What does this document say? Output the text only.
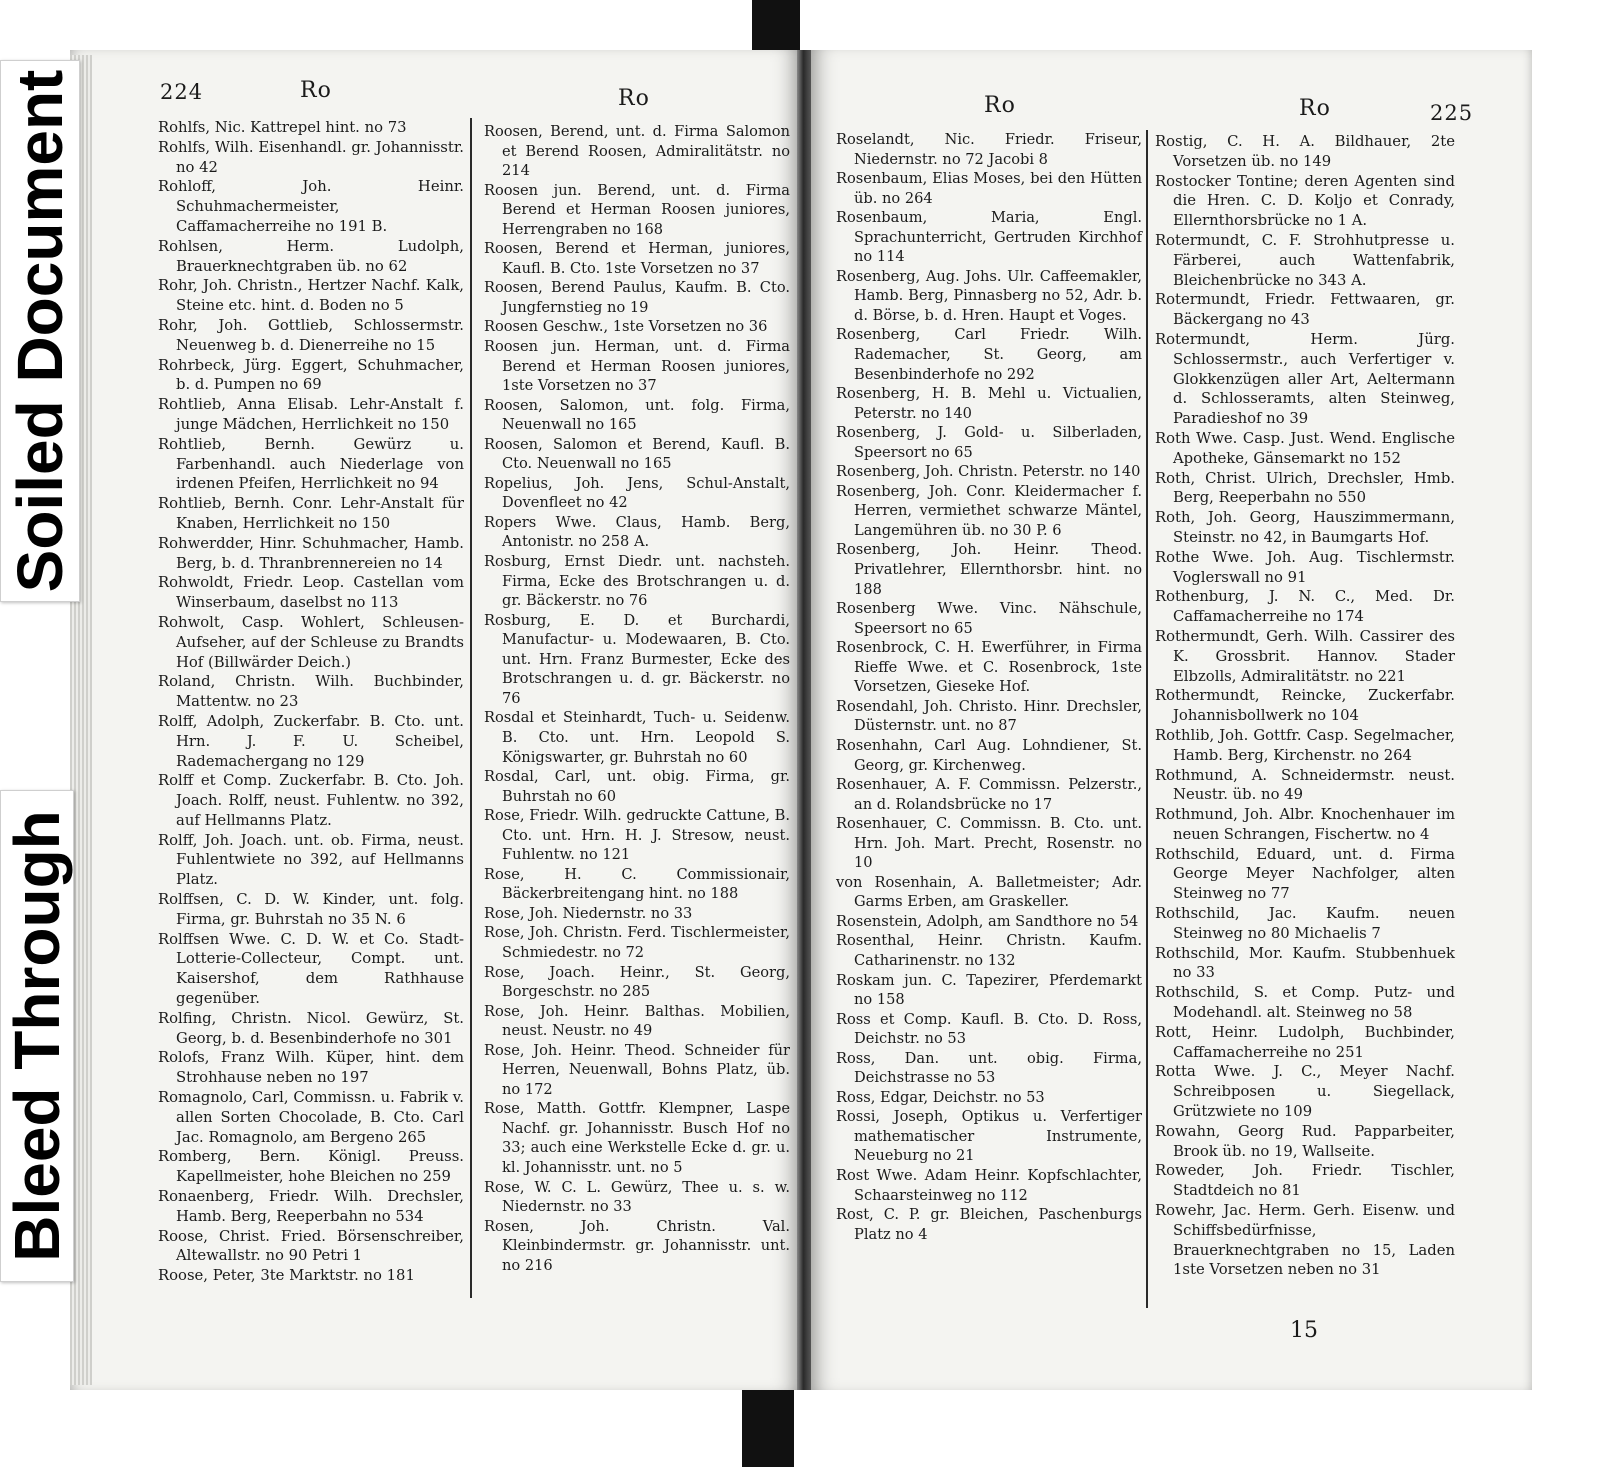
224	Ro	Ro	Ro	Ro	225

Rohlfs, Nic. Kattrepel hint. no 73

Rohlfs, Wilh. Eisenhandl. gr. Johannisstr. no 42

Rohloff, Joh. Heinr. Schuhmachermeister, Caffamacherreihe no 191 B.

Rohlsen, Herm. Ludolph, Brauerknechtgraben üb. no 62

Rohr, Joh. Christn., Hertzer Nachf. Kalk, Steine etc. hint. d. Boden no 5

Rohr, Joh. Gottlieb, Schlossermstr. Neuenweg b. d. Dienerreihe no 15

Rohrbeck, Jürg. Eggert, Schuhmacher, b. d. Pumpen no 69

Rohtlieb, Anna Elisab. Lehr-Anstalt f. junge Mädchen, Herrlichkeit no 150

Rohtlieb, Bernh. Gewürz u. Farbenhandl. auch Niederlage von irdenen Pfeifen, Herrlichkeit no 94

Rohtlieb, Bernh. Conr. Lehr-Anstalt für Knaben, Herrlichkeit no 150

Rohwerdder, Hinr. Schuhmacher, Hamb. Berg, b. d. Thranbrennereien no 14

Rohwoldt, Friedr. Leop. Castellan vom Winserbaum, daselbst no 113

Rohwolt, Casp. Wohlert, Schleusen-Aufseher, auf der Schleuse zu Brandts Hof (Billwärder Deich.)

Roland, Christn. Wilh. Buchbinder, Mattentw. no 23

Rolff, Adolph, Zuckerfabr. B. Cto. unt. Hrn. J. F. U. Scheibel, Rademachergang no 129

Rolff et Comp. Zuckerfabr. B. Cto. Joh. Joach. Rolff, neust. Fuhlentw. no 392, auf Hellmanns Platz.

Rolff, Joh. Joach. unt. ob. Firma, neust. Fuhlentwiete no 392, auf Hellmanns Platz.

Rolffsen, C. D. W. Kinder, unt. folg. Firma, gr. Buhrstah no 35 N. 6

Rolffsen Wwe. C. D. W. et Co. Stadt-Lotterie-Collecteur, Compt. unt. Kaisershof, dem Rathhause gegenüber.

Rolfing, Christn. Nicol. Gewürz, St. Georg, b. d. Besenbinderhofe no 301

Rolofs, Franz Wilh. Küper, hint. dem Strohhause neben no 197

Romagnolo, Carl, Commissn. u. Fabrik v. allen Sorten Chocolade, B. Cto. Carl Jac. Romagnolo, am Bergeno 265

Romberg, Bern. Königl. Preuss. Kapellmeister, hohe Bleichen no 259

Ronaenberg, Friedr. Wilh. Drechsler, Hamb. Berg, Reeperbahn no 534

Roose, Christ. Fried. Börsenschreiber, Altewallstr. no 90 Petri 1

Roose, Peter, 3te Marktstr. no 181

Roosen, Berend, unt. d. Firma Salomon et Berend Roosen, Admiralitätstr. no 214

Roosen jun. Berend, unt. d. Firma Berend et Herman Roosen juniores, Herrengraben no 168

Roosen, Berend et Herman, juniores, Kaufl. B. Cto. 1ste Vorsetzen no 37

Roosen, Berend Paulus, Kaufm. B. Cto. Jungfernstieg no 19

Roosen Geschw., 1ste Vorsetzen no 36

Roosen jun. Herman, unt. d. Firma Berend et Herman Roosen juniores, 1ste Vorsetzen no 37

Roosen, Salomon, unt. folg. Firma, Neuenwall no 165

Roosen, Salomon et Berend, Kaufl. B. Cto. Neuenwall no 165

Ropelius, Joh. Jens, Schul-Anstalt, Dovenfleet no 42

Ropers Wwe. Claus, Hamb. Berg, Antonistr. no 258 A.

Rosburg, Ernst Diedr. unt. nachsteh. Firma, Ecke des Brotschrangen u. d. gr. Bäckerstr. no 76

Rosburg, E. D. et Burchardi, Manufactur- u. Modewaaren, B. Cto. unt. Hrn. Franz Burmester, Ecke des Brotschrangen u. d. gr. Bäckerstr. no 76

Rosdal et Steinhardt, Tuch- u. Seidenw. B. Cto. unt. Hrn. Leopold S. Königswarter, gr. Buhrstah no 60

Rosdal, Carl, unt. obig. Firma, gr. Buhrstah no 60

Rose, Friedr. Wilh. gedruckte Cattune, B. Cto. unt. Hrn. H. J. Stresow, neust. Fuhlentw. no 121

Rose, H. C. Commissionair, Bäckerbreitengang hint. no 188

Rose, Joh. Niedernstr. no 33

Rose, Joh. Christn. Ferd. Tischlermeister, Schmiedestr. no 72

Rose, Joach. Heinr., St. Georg, Borgeschstr. no 285

Rose, Joh. Heinr. Balthas. Mobilien, neust. Neustr. no 49

Rose, Joh. Heinr. Theod. Schneider für Herren, Neuenwall, Bohns Platz, üb. no 172

Rose, Matth. Gottfr. Klempner, Laspe Nachf. gr. Johannisstr. Busch Hof no 33; auch eine Werkstelle Ecke d. gr. u. kl. Johannisstr. unt. no 5

Rose, W. C. L. Gewürz, Thee u. s. w. Niedernstr. no 33

Rosen, Joh. Christn. Val. Kleinbindermstr. gr. Johannisstr. unt. no 216

Roselandt, Nic. Friedr. Friseur, Niedernstr. no 72 Jacobi 8

Rosenbaum, Elias Moses, bei den Hütten üb. no 264

Rosenbaum, Maria, Engl. Sprachunterricht, Gertruden Kirchhof no 114

Rosenberg, Aug. Johs. Ulr. Caffeemakler, Hamb. Berg, Pinnasberg no 52, Adr. b. d. Börse, b. d. Hren. Haupt et Voges.

Rosenberg, Carl Friedr. Wilh. Rademacher, St. Georg, am Besenbinderhofe no 292

Rosenberg, H. B. Mehl u. Victualien, Peterstr. no 140

Rosenberg, J. Gold- u. Silberladen, Speersort no 65

Rosenberg, Joh. Christn. Peterstr. no 140

Rosenberg, Joh. Conr. Kleidermacher f. Herren, vermiethet schwarze Mäntel, Langemühren üb. no 30 P. 6

Rosenberg, Joh. Heinr. Theod. Privatlehrer, Ellernthorsbr. hint. no 188

Rosenberg Wwe. Vinc. Nähschule, Speersort no 65

Rosenbrock, C. H. Ewerführer, in Firma Rieffe Wwe. et C. Rosenbrock, 1ste Vorsetzen, Gieseke Hof.

Rosendahl, Joh. Christo. Hinr. Drechsler, Düsternstr. unt. no 87

Rosenhahn, Carl Aug. Lohndiener, St. Georg, gr. Kirchenweg.

Rosenhauer, A. F. Commissn. Pelzerstr., an d. Rolandsbrücke no 17

Rosenhauer, C. Commissn. B. Cto. unt. Hrn. Joh. Mart. Precht, Rosenstr. no 10

von Rosenhain, A. Balletmeister; Adr. Garms Erben, am Graskeller.

Rosenstein, Adolph, am Sandthore no 54

Rosenthal, Heinr. Christn. Kaufm. Catharinenstr. no 132

Roskam jun. C. Tapezirer, Pferdemarkt no 158

Ross et Comp. Kaufl. B. Cto. D. Ross, Deichstr. no 53

Ross, Dan. unt. obig. Firma, Deichstrasse no 53

Ross, Edgar, Deichstr. no 53

Rossi, Joseph, Optikus u. Verfertiger mathematischer Instrumente, Neueburg no 21

Rost Wwe. Adam Heinr. Kopfschlachter, Schaarsteinweg no 112

Rost, C. P. gr. Bleichen, Paschenburgs Platz no 4

Rostig, C. H. A. Bildhauer, 2te Vorsetzen üb. no 149

Rostocker Tontine; deren Agenten sind die Hren. C. D. Koljo et Conrady, Ellernthorsbrücke no 1 A.

Rotermundt, C. F. Strohhutpresse u. Färberei, auch Wattenfabrik, Bleichenbrücke no 343 A.

Rotermundt, Friedr. Fettwaaren, gr. Bäckergang no 43

Rotermundt, Herm. Jürg. Schlossermstr., auch Verfertiger v. Glokkenzügen aller Art, Aeltermann d. Schlosseramts, alten Steinweg, Paradieshof no 39

Roth Wwe. Casp. Just. Wend. Englische Apotheke, Gänsemarkt no 152

Roth, Christ. Ulrich, Drechsler, Hmb. Berg, Reeperbahn no 550

Roth, Joh. Georg, Hauszimmermann, Steinstr. no 42, in Baumgarts Hof.

Rothe Wwe. Joh. Aug. Tischlermstr. Voglerswall no 91

Rothenburg, J. N. C., Med. Dr. Caffamacherreihe no 174

Rothermundt, Gerh. Wilh. Cassirer des K. Grossbrit. Hannov. Stader Elbzolls, Admiralitätstr. no 221

Rothermundt, Reincke, Zuckerfabr. Johannisbollwerk no 104

Rothlib, Joh. Gottfr. Casp. Segelmacher, Hamb. Berg, Kirchenstr. no 264

Rothmund, A. Schneidermstr. neust. Neustr. üb. no 49

Rothmund, Joh. Albr. Knochenhauer im neuen Schrangen, Fischertw. no 4

Rothschild, Eduard, unt. d. Firma George Meyer Nachfolger, alten Steinweg no 77

Rothschild, Jac. Kaufm. neuen Steinweg no 80 Michaelis 7

Rothschild, Mor. Kaufm. Stubbenhuek no 33

Rothschild, S. et Comp. Putz- und Modehandl. alt. Steinweg no 58

Rott, Heinr. Ludolph, Buchbinder, Caffamacherreihe no 251

Rotta Wwe. J. C., Meyer Nachf. Schreibposen u. Siegellack, Grützwiete no 109

Rowahn, Georg Rud. Papparbeiter, Brook üb. no 19, Wallseite.

Roweder, Joh. Friedr. Tischler, Stadtdeich no 81

Rowehr, Jac. Herm. Gerh. Eisenw. und Schiffsbedürfnisse, Brauerknechtgraben no 15, Laden 1ste Vorsetzen neben no 31

15
Soiled Document
Bleed Through
